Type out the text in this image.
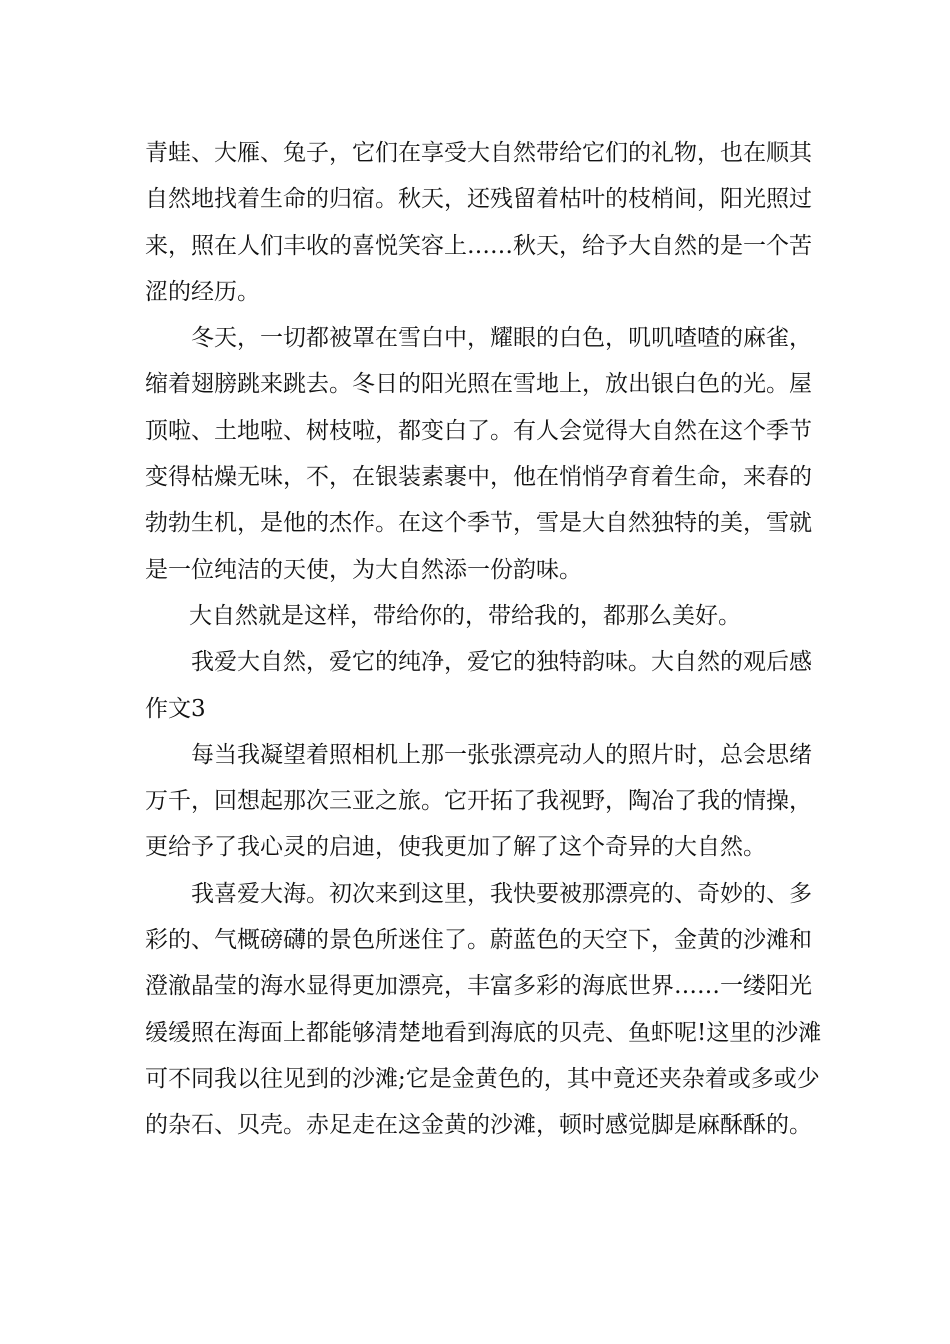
青蛙、大雁、兔子，它们在享受大自然带给它们的礼物，也在顺其
自然地找着生命的归宿。秋天，还残留着枯叶的枝梢间，阳光照过
来，照在人们丰收的喜悦笑容上……秋天，给予大自然的是一个苦
涩的经历。
冬天，一切都被罩在雪白中，耀眼的白色，叽叽喳喳的麻雀，
缩着翅膀跳来跳去。冬日的阳光照在雪地上，放出银白色的光。屋
顶啦、土地啦、树枝啦，都变白了。有人会觉得大自然在这个季节
变得枯燥无味，不，在银装素裹中，他在悄悄孕育着生命，来春的
勃勃生机，是他的杰作。在这个季节，雪是大自然独特的美，雪就
是一位纯洁的天使，为大自然添一份韵味。
大自然就是这样，带给你的，带给我的，都那么美好。
我爱大自然，爱它的纯净，爱它的独特韵味。大自然的观后感
作文3
每当我凝望着照相机上那一张张漂亮动人的照片时，总会思绪
万千，回想起那次三亚之旅。它开拓了我视野，陶冶了我的情操，
更给予了我心灵的启迪，使我更加了解了这个奇异的大自然。
我喜爱大海。初次来到这里，我快要被那漂亮的、奇妙的、多
彩的、气概磅礴的景色所迷住了。蔚蓝色的天空下，金黄的沙滩和
澄澈晶莹的海水显得更加漂亮，丰富多彩的海底世界……一缕阳光
缓缓照在海面上都能够清楚地看到海底的贝壳、鱼虾呢!这里的沙滩
可不同我以往见到的沙滩;它是金黄色的，其中竟还夹杂着或多或少
的杂石、贝壳。赤足走在这金黄的沙滩，顿时感觉脚是麻酥酥的。
